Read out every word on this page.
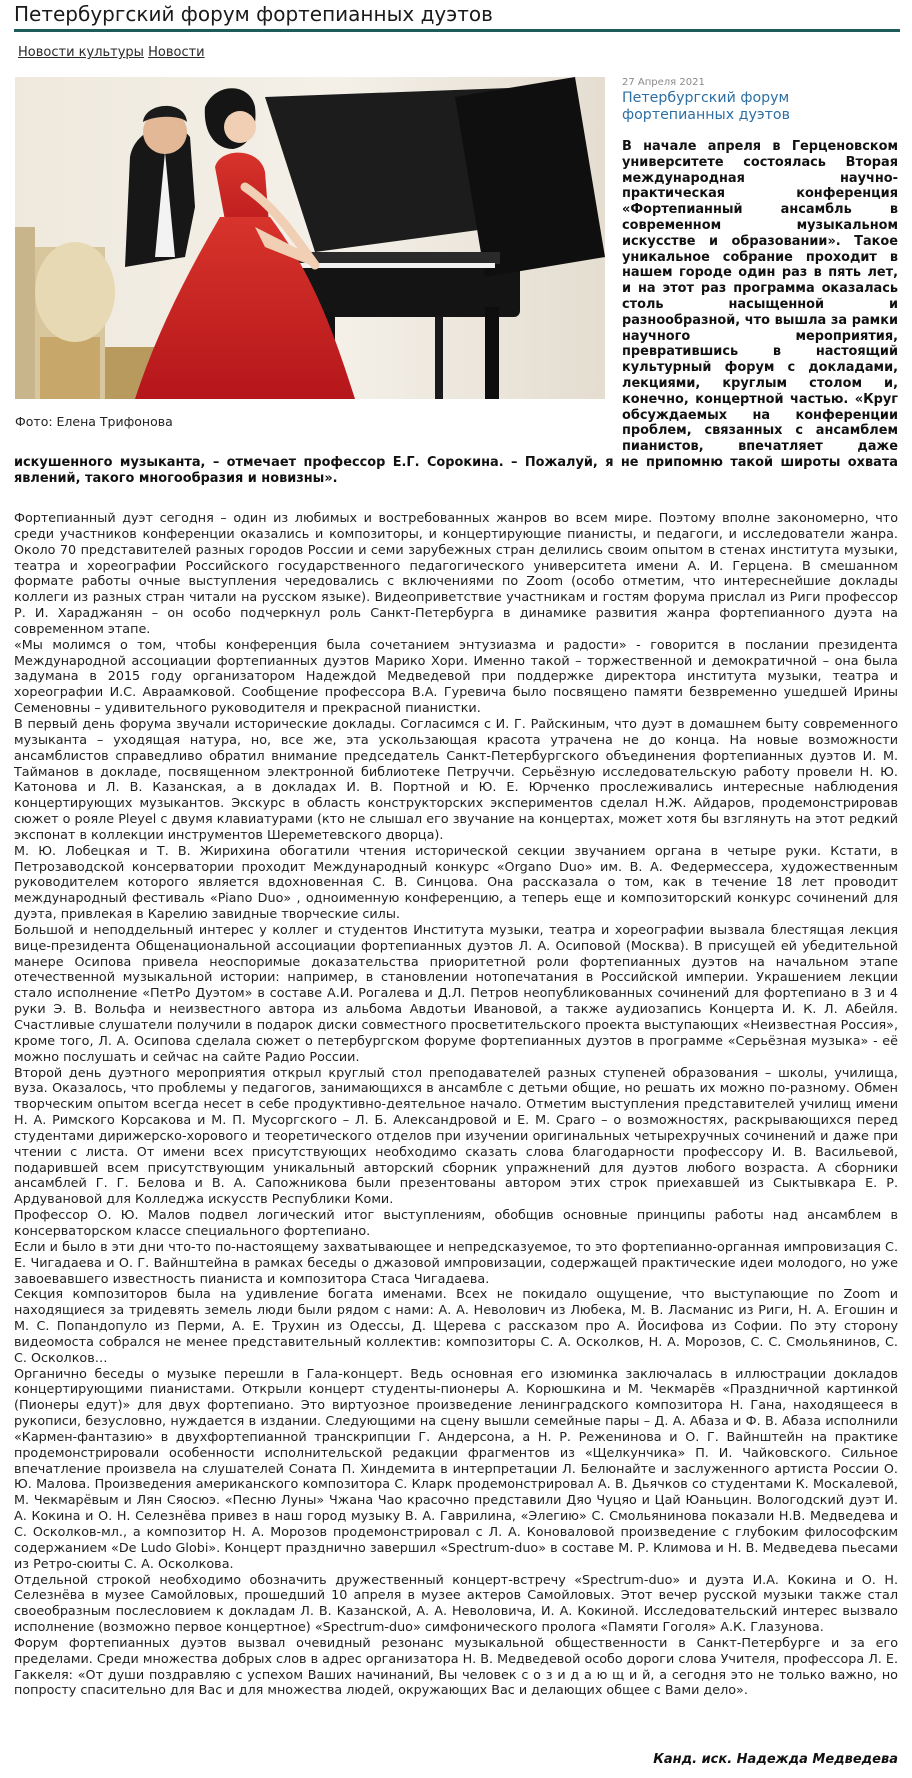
Петербургский форум фортепианных дуэтов
Новости культуры Новости
Фото: Елена Трифонова
27 Апреля 2021
Петербургский форум фортепианных дуэтов

В начале апреля в Герценовском университете состоялась Вторая международная научно-практическая конференция «Фортепианный ансамбль в современном музыкальном искусстве и образовании». Такое уникальное собрание проходит в нашем городе один раз в пять лет, и на этот раз программа оказалась столь насыщенной и разнообразной, что вышла за рамки научного мероприятия, превратившись в настоящий культурный форум с докладами, лекциями, круглым столом и, конечно, концертной частью. «Круг обсуждаемых на конференции проблем, связанных с ансамблем пианистов, впечатляет даже искушенного музыканта, – отмечает профессор Е.Г. Сорокина. – Пожалуй, я не припомню такой широты охвата явлений, такого многообразия и новизны».

Фортепианный дуэт сегодня – один из любимых и востребованных жанров во всем мире. Поэтому вполне закономерно, что среди участников конференции оказались и композиторы, и концертирующие пианисты, и педагоги, и исследователи жанра. Около 70 представителей разных городов России и семи зарубежных стран делились своим опытом в стенах института музыки, театра и хореографии Российского государственного педагогического университета имени А. И. Герцена. В смешанном формате работы очные выступления чередовались с включениями по Zoom (особо отметим, что интереснейшие доклады коллеги из разных стран читали на русском языке). Видеоприветствие участникам и гостям форума прислал из Риги профессор Р. И. Хараджанян – он особо подчеркнул роль Санкт-Петербурга в динамике развития жанра фортепианного дуэта на современном этапе.

«Мы молимся о том, чтобы конференция была сочетанием энтузиазма и радости» - говорится в послании президента Международной ассоциации фортепианных дуэтов Марико Хори. Именно такой – торжественной и демократичной – она была задумана в 2015 году организатором Надеждой Медведевой при поддержке директора института музыки, театра и хореографии И.С. Авраамковой. Сообщение профессора В.А. Гуревича было посвящено памяти безвременно ушедшей Ирины Семеновны – удивительного руководителя и прекрасной пианистки.

В первый день форума звучали исторические доклады. Согласимся с И. Г. Райскиным, что дуэт в домашнем быту современного музыканта – уходящая натура, но, все же, эта ускользающая красота утрачена не до конца. На новые возможности ансамблистов справедливо обратил внимание председатель Санкт-Петербургского объединения фортепианных дуэтов И. М. Тайманов в докладе, посвященном электронной библиотеке Петруччи. Серьёзную исследовательскую работу провели Н. Ю. Катонова и Л. В. Казанская, а в докладах И. В. Портной и Ю. Е. Юрченко прослеживались интересные наблюдения концертирующих музыкантов. Экскурс в область конструкторских экспериментов сделал Н.Ж. Айдаров, продемонстрировав сюжет о рояле Pleyel с двумя клавиатурами (кто не слышал его звучание на концертах, может хотя бы взглянуть на этот редкий экспонат в коллекции инструментов Шереметевского дворца).

М. Ю. Лобецкая и Т. В. Жирихина обогатили чтения исторической секции звучанием органа в четыре руки. Кстати, в Петрозаводской консерватории проходит Международный конкурс «Organo Duo» им. В. А. Федермессера, художественным руководителем которого является вдохновенная С. В. Синцова. Она рассказала о том, как в течение 18 лет проводит международный фестиваль «Piano Duo» , одноименную конференцию, а теперь еще и композиторский конкурс сочинений для дуэта, привлекая в Карелию завидные творческие силы.

Большой и неподдельный интерес у коллег и студентов Института музыки, театра и хореографии вызвала блестящая лекция вице-президента Общенациональной ассоциации фортепианных дуэтов Л. А. Осиповой (Москва). В присущей ей убедительной манере Осипова привела неоспоримые доказательства приоритетной роли фортепианных дуэтов на начальном этапе отечественной музыкальной истории: например, в становлении нотопечатания в Российской империи. Украшением лекции стало исполнение «ПетРо Дуэтом» в составе А.И. Рогалева и Д.Л. Петров неопубликованных сочинений для фортепиано в 3 и 4 руки Э. В. Вольфа и неизвестного автора из альбома Авдотьи Ивановой, а также аудиозапись Концерта И. К. Л. Абейля. Счастливые слушатели получили в подарок диски совместного просветительского проекта выступающих «Неизвестная Россия», кроме того, Л. А. Осипова сделала сюжет о петербургском форуме фортепианных дуэтов в программе «Серьёзная музыка» - её можно послушать и сейчас на сайте Радио России.

Второй день дуэтного мероприятия открыл круглый стол преподавателей разных ступеней образования – школы, училища, вуза. Оказалось, что проблемы у педагогов, занимающихся в ансамбле с детьми общие, но решать их можно по-разному. Обмен творческим опытом всегда несет в себе продуктивно-деятельное начало. Отметим выступления представителей училищ имени Н. А. Римского Корсакова и М. П. Мусоргского – Л. Б. Александровой и Е. М. Сраго – о возможностях, раскрывающихся перед студентами дирижерско-хорового и теоретического отделов при изучении оригинальных четырехручных сочинений и даже при чтении с листа. От имени всех присутствующих необходимо сказать слова благодарности профессору И. В. Васильевой, подарившей всем присутствующим уникальный авторский сборник упражнений для дуэтов любого возраста. А сборники ансамблей Г. Г. Белова и В. А. Сапожникова были презентованы автором этих строк приехавшей из Сыктывкара Е. Р. Ардувановой для Колледжа искусств Республики Коми.

Профессор О. Ю. Малов подвел логический итог выступлениям, обобщив основные принципы работы над ансамблем в консерваторском классе специального фортепиано.

Если и было в эти дни что-то по-настоящему захватывающее и непредсказуемое, то это фортепианно-органная импровизация С. Е. Чигадаева и О. Г. Вайнштейна в рамках беседы о джазовой импровизации, содержащей практические идеи молодого, но уже завоевавшего известность пианиста и композитора Стаса Чигадаева.

Секция композиторов была на удивление богата именами. Всех не покидало ощущение, что выступающие по Zoom и находящиеся за тридевять земель люди были рядом с нами: А. А. Неволович из Любека, М. В. Ласманис из Риги, Н. А. Егошин и М. С. Попандопуло из Перми, А. Е. Трухин из Одессы, Д. Щерева с рассказом про А. Йосифова из Софии. По эту сторону видеомоста собрался не менее представительный коллектив: композиторы С. А. Осколков, Н. А. Морозов, С. С. Смольянинов, С. С. Осколков…

Органично беседы о музыке перешли в Гала-концерт. Ведь основная его изюминка заключалась в иллюстрации докладов концертирующими пианистами. Открыли концерт студенты-пионеры А. Корюшкина и М. Чекмарёв «Праздничной картинкой (Пионеры едут)» для двух фортепиано. Это виртуозное произведение ленинградского композитора Н. Гана, находящееся в рукописи, безусловно, нуждается в издании. Следующими на сцену вышли семейные пары – Д. А. Абаза и Ф. В. Абаза исполнили «Кармен-фантазию» в двухфортепианной транскрипции Г. Андерсона, а Н. Р. Реженинова и О. Г. Вайнштейн на практике продемонстрировали особенности исполнительской редакции фрагментов из «Щелкунчика» П. И. Чайковского. Сильное впечатление произвела на слушателей Соната П. Хиндемита в интерпретации Л. Белюнайте и заслуженного артиста России О. Ю. Малова. Произведения американского композитора С. Кларк продемонстрировал А. В. Дьячков со студентами К. Москалевой, М. Чекмарёвым и Лян Сяосюэ. «Песню Луны» Чжана Чао красочно представили Дяо Чуцяо и Цай Юаньцин. Вологодский дуэт И. А. Кокина и О. Н. Селезнёва привез в наш город музыку В. А. Гаврилина, «Элегию» С. Смольянинова показали Н.В. Медведева и С. Осколков-мл., а композитор Н. А. Морозов продемонстрировал с Л. А. Коноваловой произведение с глубоким философским содержанием «De Ludo Globi». Концерт празднично завершил «Spectrum-duo» в составе М. Р. Климова и Н. В. Медведева пьесами из Ретро-сюиты С. А. Осколкова.

Отдельной строкой необходимо обозначить дружественный концерт-встречу «Spectrum-duo» и дуэта И.А. Кокина и О. Н. Селезнёва в музее Самойловых, прошедший 10 апреля в музее актеров Самойловых. Этот вечер русской музыки также стал своеобразным послесловием к докладам Л. В. Казанской, А. А. Неволовича, И. А. Кокиной. Исследовательский интерес вызвало исполнение (возможно первое концертное) «Spectrum-duo» симфонического пролога «Памяти Гоголя» А.К. Глазунова.

Форум фортепианных дуэтов вызвал очевидный резонанс музыкальной общественности в Санкт-Петербурге и за его пределами. Среди множества добрых слов в адрес организатора Н. В. Медведевой особо дороги слова Учителя, профессора Л. Е. Гаккеля: «От души поздравляю с успехом Ваших начинаний, Вы человек с о з и д а ю щ и й, а сегодня это не только важно, но попросту спасительно для Вас и для множества людей, окружающих Вас и делающих общее с Вами дело».

Канд. иск. Надежда Медведева
